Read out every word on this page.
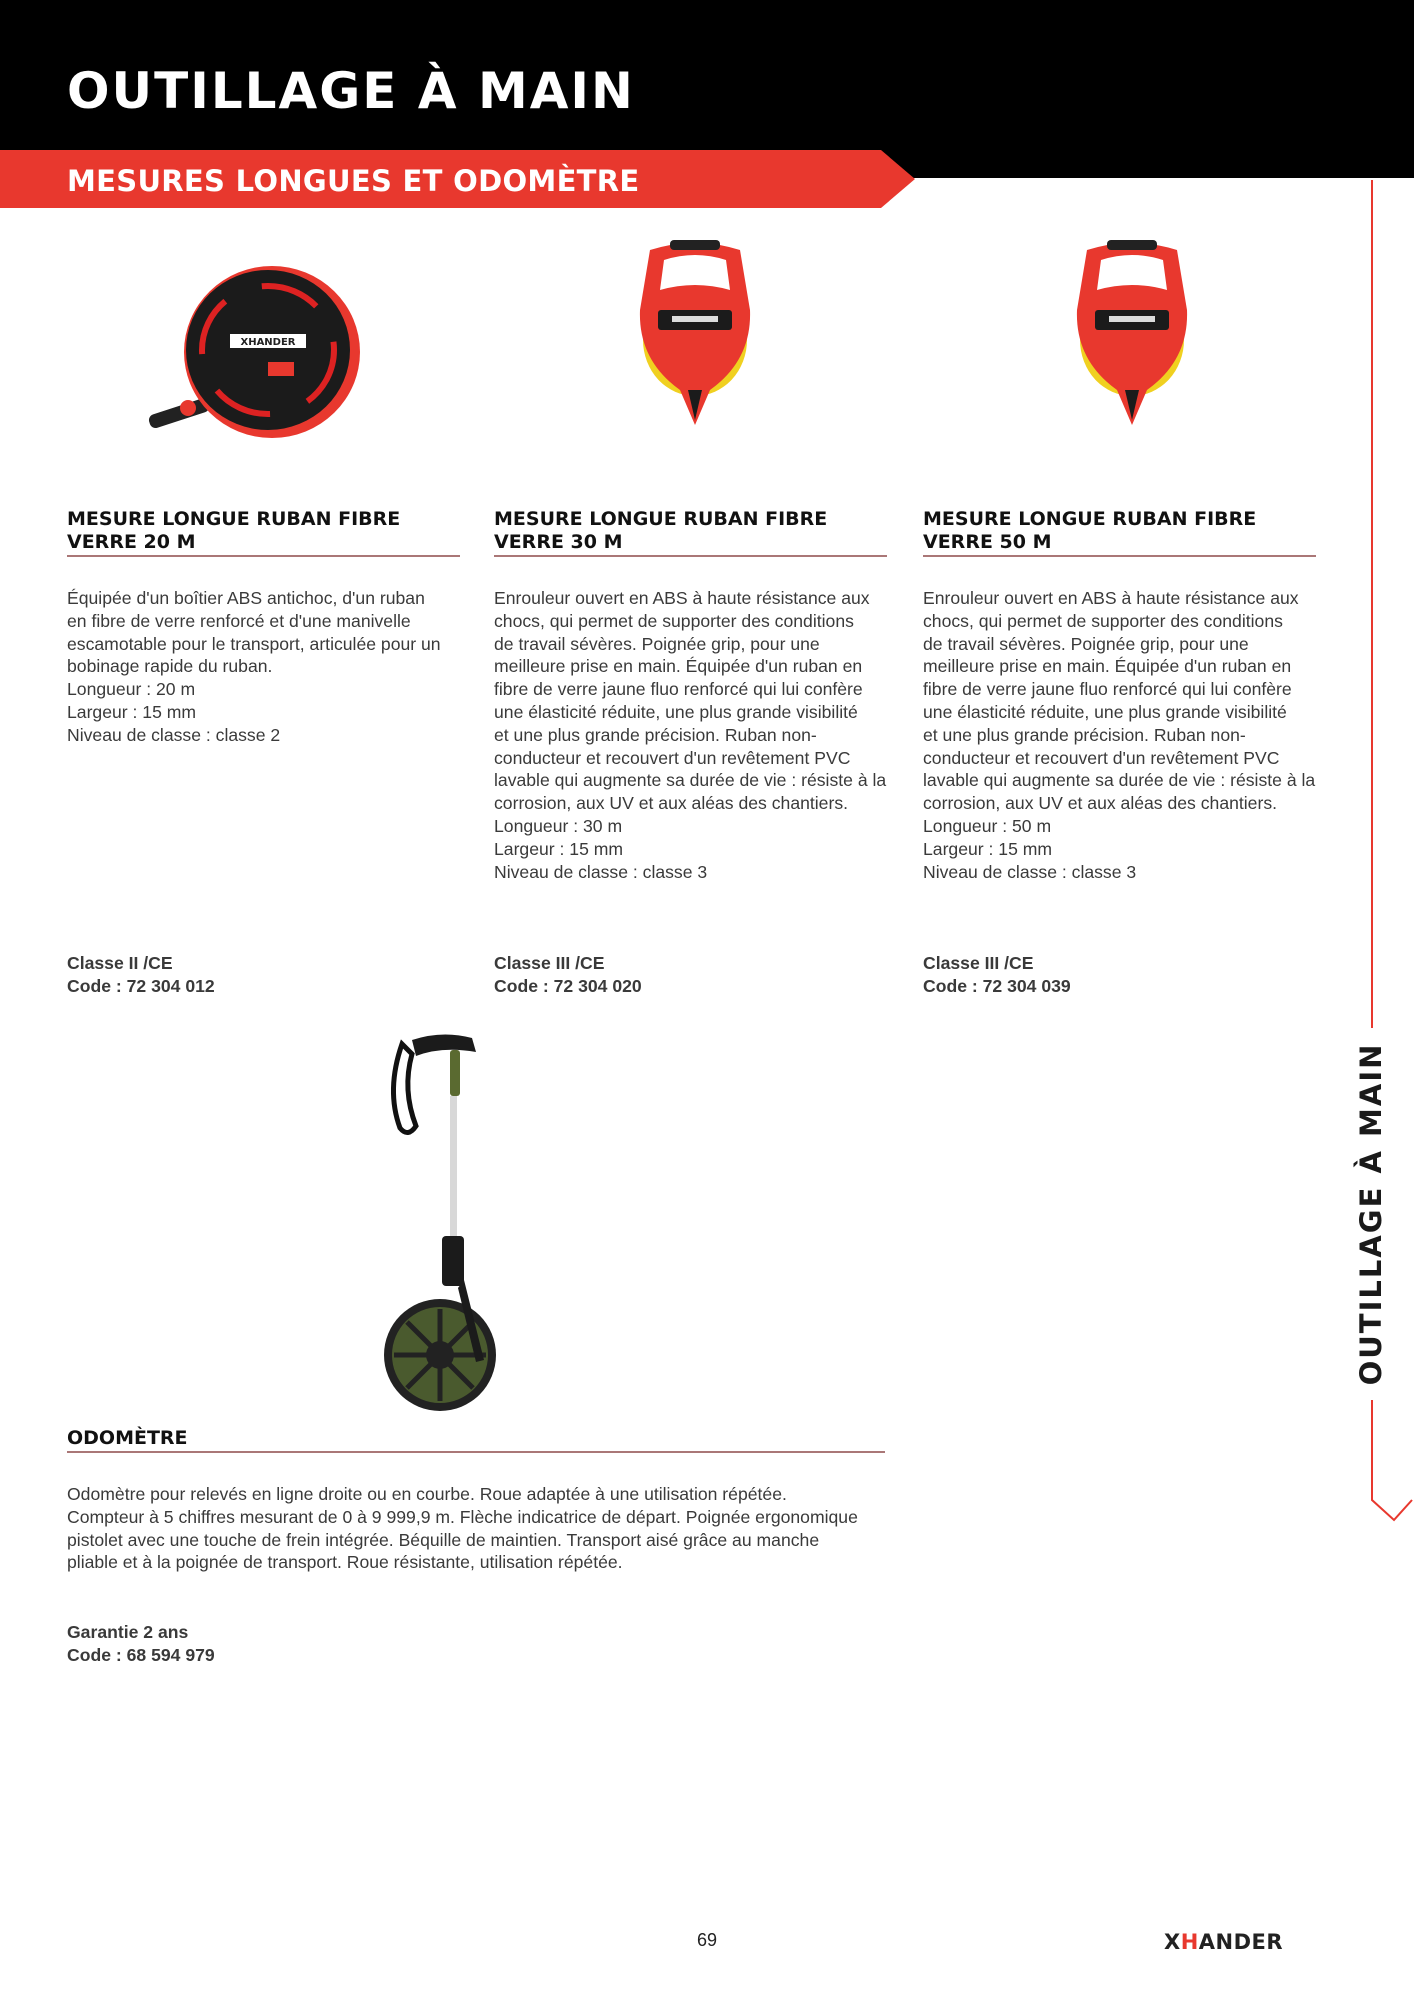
OUTILLAGE À MAIN
MESURES LONGUES ET ODOMÈTRE
OUTILLAGE À MAIN
XHANDER
MESURE LONGUE RUBAN FIBRE
VERRE 20 M
Équipée d'un boîtier ABS antichoc, d'un ruban
en fibre de verre renforcé et d'une manivelle
escamotable pour le transport, articulée pour un
bobinage rapide du ruban.
Longueur : 20 m
Largeur : 15 mm
Niveau de classe : classe 2
Classe II /CE
Code : 72 304 012
MESURE LONGUE RUBAN FIBRE
VERRE 30 M
Enrouleur ouvert en ABS à haute résistance aux
chocs, qui permet de supporter des conditions
de travail sévères. Poignée grip, pour une
meilleure prise en main. Équipée d'un ruban en
fibre de verre jaune fluo renforcé qui lui confère
une élasticité réduite, une plus grande visibilité
et une plus grande précision. Ruban non-
conducteur et recouvert d'un revêtement PVC
lavable qui augmente sa durée de vie : résiste à la
corrosion, aux UV et aux aléas des chantiers.
Longueur : 30 m
Largeur : 15 mm
Niveau de classe : classe 3
Classe III /CE
Code : 72 304 020
MESURE LONGUE RUBAN FIBRE
VERRE 50 M
Enrouleur ouvert en ABS à haute résistance aux
chocs, qui permet de supporter des conditions
de travail sévères. Poignée grip, pour une
meilleure prise en main. Équipée d'un ruban en
fibre de verre jaune fluo renforcé qui lui confère
une élasticité réduite, une plus grande visibilité
et une plus grande précision. Ruban non-
conducteur et recouvert d'un revêtement PVC
lavable qui augmente sa durée de vie : résiste à la
corrosion, aux UV et aux aléas des chantiers.
Longueur : 50 m
Largeur : 15 mm
Niveau de classe : classe 3
Classe III /CE
Code : 72 304 039
ODOMÈTRE
Odomètre pour relevés en ligne droite ou en courbe. Roue adaptée à une utilisation répétée.
Compteur à 5 chiffres mesurant de 0 à 9 999,9 m. Flèche indicatrice de départ. Poignée ergonomique
pistolet avec une touche de frein intégrée. Béquille de maintien. Transport aisé grâce au manche
pliable et à la poignée de transport. Roue résistante, utilisation répétée.
Garantie 2 ans
Code : 68 594 979
69	XHANDER
